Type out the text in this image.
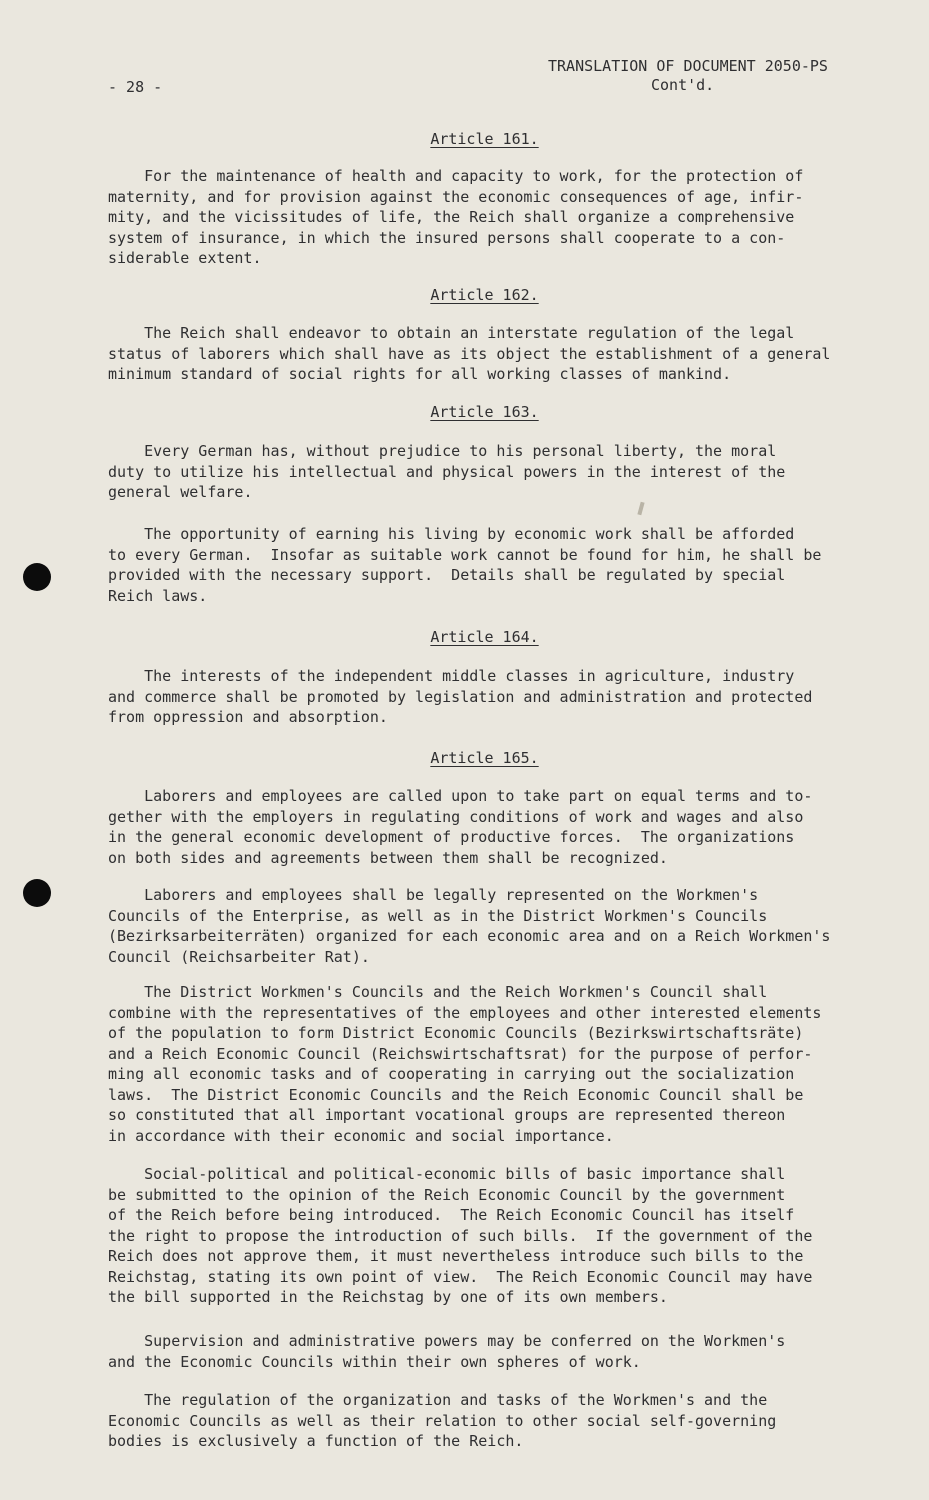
- 28 -
TRANSLATION OF DOCUMENT 2050-PS
Cont'd.
Article 161.
For the maintenance of health and capacity to work, for the protection of
maternity, and for provision against the economic consequences of age, infir-
mity, and the vicissitudes of life, the Reich shall organize a comprehensive
system of insurance, in which the insured persons shall cooperate to a con-
siderable extent.
Article 162.
The Reich shall endeavor to obtain an interstate regulation of the legal
status of laborers which shall have as its object the establishment of a general
minimum standard of social rights for all working classes of mankind.
Article 163.
Every German has, without prejudice to his personal liberty, the moral
duty to utilize his intellectual and physical powers in the interest of the
general welfare.
The opportunity of earning his living by economic work shall be afforded
to every German.  Insofar as suitable work cannot be found for him, he shall be
provided with the necessary support.  Details shall be regulated by special
Reich laws.
Article 164.
The interests of the independent middle classes in agriculture, industry
and commerce shall be promoted by legislation and administration and protected
from oppression and absorption.
Article 165.
Laborers and employees are called upon to take part on equal terms and to-
gether with the employers in regulating conditions of work and wages and also
in the general economic development of productive forces.  The organizations
on both sides and agreements between them shall be recognized.
Laborers and employees shall be legally represented on the Workmen's
Councils of the Enterprise, as well as in the District Workmen's Councils
(Bezirksarbeiterräten) organized for each economic area and on a Reich Workmen's
Council (Reichsarbeiter Rat).
The District Workmen's Councils and the Reich Workmen's Council shall
combine with the representatives of the employees and other interested elements
of the population to form District Economic Councils (Bezirkswirtschaftsräte)
and a Reich Economic Council (Reichswirtschaftsrat) for the purpose of perfor-
ming all economic tasks and of cooperating in carrying out the socialization
laws.  The District Economic Councils and the Reich Economic Council shall be
so constituted that all important vocational groups are represented thereon
in accordance with their economic and social importance.
Social-political and political-economic bills of basic importance shall
be submitted to the opinion of the Reich Economic Council by the government
of the Reich before being introduced.  The Reich Economic Council has itself
the right to propose the introduction of such bills.  If the government of the
Reich does not approve them, it must nevertheless introduce such bills to the
Reichstag, stating its own point of view.  The Reich Economic Council may have
the bill supported in the Reichstag by one of its own members.
Supervision and administrative powers may be conferred on the Workmen's
and the Economic Councils within their own spheres of work.
The regulation of the organization and tasks of the Workmen's and the
Economic Councils as well as their relation to other social self-governing
bodies is exclusively a function of the Reich.
